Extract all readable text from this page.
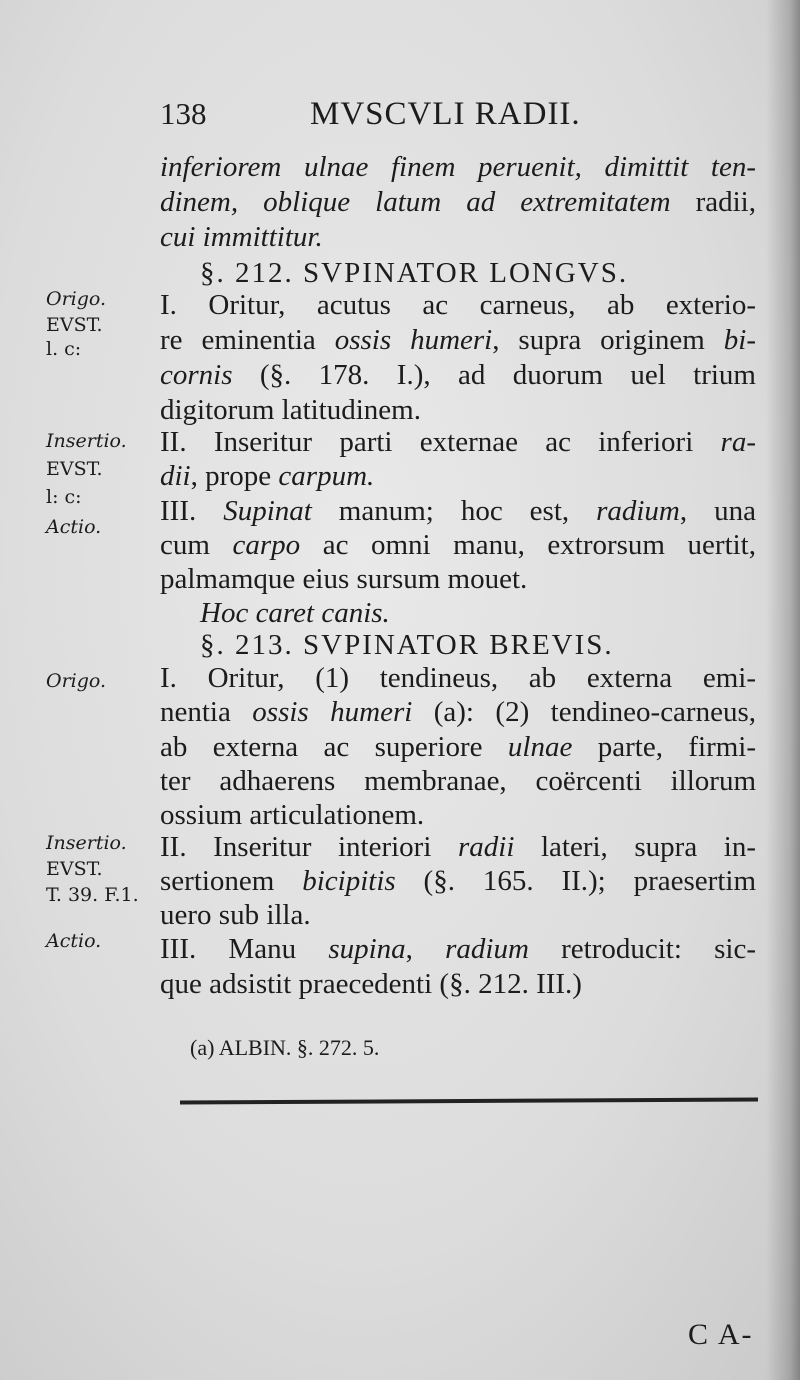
138	MVSCVLI RADII.
inferiorem ulnae finem peruenit, dimittit ten-
dinem, oblique latum ad extremitatem radii,
cui immittitur.
§. 212. SVPINATOR LONGVS.
I. Oritur, acutus ac carneus, ab exterio-
re eminentia ossis humeri, supra originem bi-
cornis (§. 178. I.), ad duorum uel trium
digitorum latitudinem.
II. Inseritur parti externae ac inferiori ra-
dii, prope carpum.
III. Supinat manum; hoc est, radium, una
cum carpo ac omni manu, extrorsum uertit,
palmamque eius sursum mouet.
Hoc caret canis.
§. 213. SVPINATOR BREVIS.
I. Oritur, (1) tendineus, ab externa emi-
nentia ossis humeri (a): (2) tendineo-carneus,
ab externa ac superiore ulnae parte, firmi-
ter adhaerens membranae, coërcenti illorum
ossium articulationem.
II. Inseritur interiori radii lateri, supra in-
sertionem bicipitis (§. 165. II.); praesertim
uero sub illa.
III. Manu supina, radium retroducit: sic-
que adsistit praecedenti (§. 212. III.)
Origo.
EVST.
l. c:
Insertio.
EVST.
l: c:
Actio.
Origo.
Insertio.
EVST.
T. 39. F.1.
Actio.
(a) ALBIN. §. 272. 5.
C A-
